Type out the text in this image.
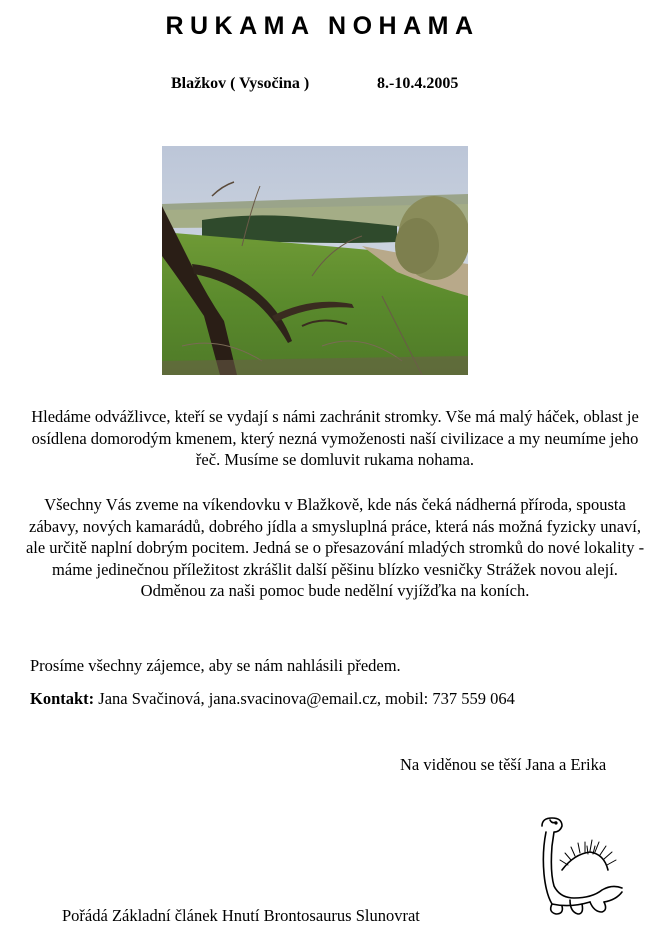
RUKAMA NOHAMA
Blažkov ( Vysočina )	8.-10.4.2005
Hledáme odvážlivce, kteří se vydají s námi zachránit stromky. Vše má malý háček, oblast je osídlena domorodým kmenem, který nezná vymoženosti naší civilizace a my neumíme jeho řeč. Musíme se domluvit rukama nohama.
Všechny Vás zveme na víkendovku v Blažkově, kde nás čeká nádherná příroda, spousta zábavy, nových kamarádů, dobrého jídla a smysluplná práce, která nás možná fyzicky unaví, ale určitě naplní dobrým pocitem. Jedná se o přesazování mladých stromků do nové lokality - máme jedinečnou příležitost zkrášlit další pěšinu blízko vesničky Strážek novou alejí. Odměnou za naši pomoc bude nedělní vyjížďka na koních.
Prosíme všechny zájemce, aby se nám nahlásili předem.
Kontakt: Jana Svačinová, jana.svacinova@email.cz, mobil: 737 559 064
Na viděnou se těší Jana a Erika
Pořádá Základní článek Hnutí Brontosaurus Slunovrat
